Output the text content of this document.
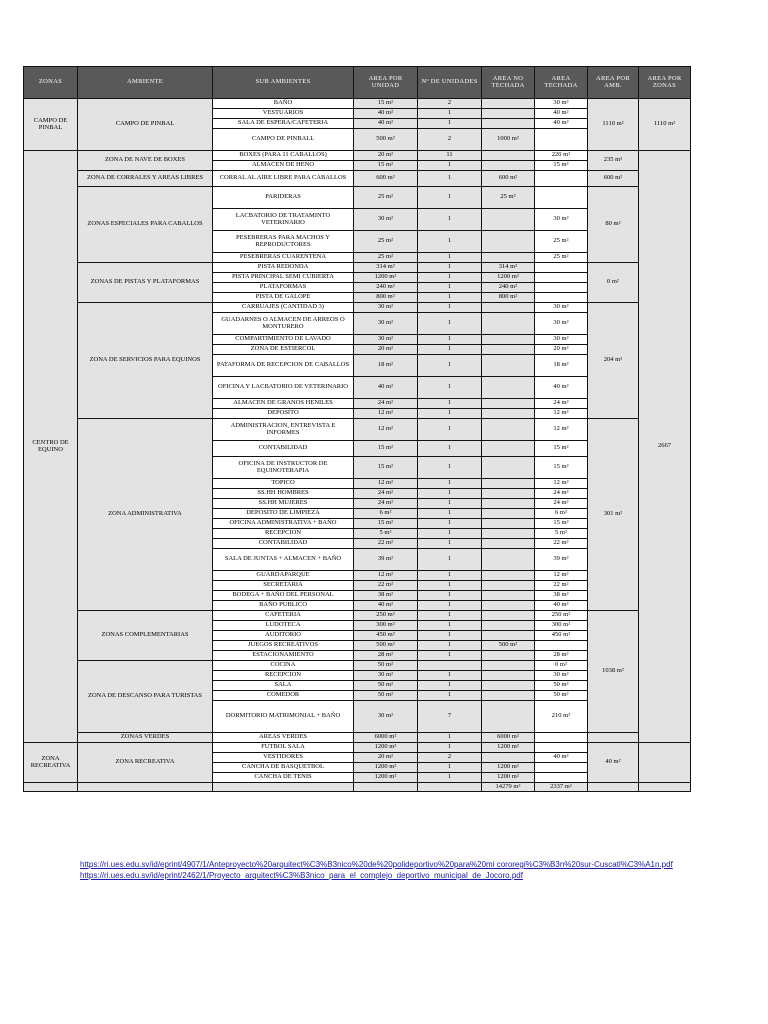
ZONAS	AMBIENTE	SUB AMBIENTES	AREA POR UNIDAD	Nº DE UNIDADES	AREA NO TECHADA	AREA TECHADA	AREA POR AMB.	AREA POR ZONAS
CAMPO DE PINBAL	CAMPO DE PINBAL	BAÑO	15 m²	2		30 m²	1110 m²	1110 m²
		VESTUARIOS	40 m²	1		40 m²		
		SALA DE ESPERA/CAFETERIA	40 m²	1		40 m²		
		CAMPO DE PINBALL	500 m²	2	1000 m²			
CENTRO DE EQUINO	ZONA DE NAVE DE BOXES	BOXES (PARA 11 CABALLOS)	20 m²	11		220 m²	235 m²	2667
		ALMACEN DE HENO	15 m²	1		15 m²		
	ZONA DE CORRALES Y AREAS LIBRES	CORRAL AL AIRE LIBRE PARA CABALLOS	600 m²	1	600 m²		600 m²	
	ZONAS ESPECIALES PARA CABALLOS	PARIDERAS	25 m²	1	25 m²		80 m²	
		LACBATORIO DE TRATAMINTO VETERINARIO	30 m²	1		30 m²		
		PESEBRERAS PARA MACHOS Y REPRODUCTORES	25 m²	1		25 m²		
		PESEBRERAS CUARENTENA	25 m²	1		25 m²		
	ZONAS DE PISTAS Y PLATAFORMAS	PISTA REDONDA	314 m²	1	314 m²		0 m²	
		PISTA PRINCIPAL SEMI CUBIERTA	1200 m²	1	1200 m²			
		PLATAFORMAS	240 m²	1	240 m²			
		PISTA DE GALOPE	800 m²	1	800 m²			
	ZONA DE SERVICIOS PARA EQUINOS	CARRUAJES (CANTIDAD 3)	30 m²	1		30 m²	204 m²	
		GUADARNES O ALMACEN DE ARREOS O MONTURERO	30 m²	1		30 m²		
		COMPARTIMIENTO DE LAVADO	30 m²	1		30 m²		
		ZONA DE ESTIERCOL	20 m²	1		20 m²		
		PATAFORMA DE RECEPCION DE CABALLOS	18 m²	1		18 m²		
		OFICINA Y LACBATORIO DE VETERINARIO	40 m²	1		40 m²		
		ALMACEN DE GRANOS HENILES	24 m²	1		24 m²		
		DEPOSITO	12 m²	1		12 m²		
	ZONA ADMINISTRATIVA	ADMINISTRACION, ENTREVISTA E INFORMES	12 m²	1		12 m²	301 m²	
		CONTABILIDAD	15 m²	1		15 m²		
		OFICINA DE INSTRUCTOR DE EQUINOTERAPIA	15 m²	1		15 m²		
		TOPICO	12 m²	1		12 m²		
		SS.HH HOMBRES	24 m²	1		24 m²		
		SS.HH MUJERES	24 m²	1		24 m²		
		DEPOSITO DE LIMPIEZA	6 m²	1		6 m²		
		OFICINA ADMINISTRATIVA + BAÑO	15 m²	1		15 m²		
		RECEPCION	5 m²	1		5 m²		
		CONTABILIDAD	22 m²	1		22 m²		
		SALA DE JUNTAS + ALMACEN + BAÑO	39 m²	1		39 m²		
		GUARDAPARQUE	12 m²	1		12 m²		
		SECRETARIA	22 m²	1		22 m²		
		BODEGA + BAÑO DEL PERSONAL	38 m²	1		38 m²		
		BAÑO PUBLICO	40 m²	1		40 m²		
	ZONAS COMPLEMENTARIAS	CAFETERIA	250 m²	1		250 m²	1038 m²	
		LUDOTECA	300 m²	1		300 m²		
		AUDITORIO	450 m²	1		450 m²		
		JUEGOS RECREATIVOS	500 m²	1	500 m²			
		ESTACIONAMIENTO	28 m²	1		28 m²		
	ZONA DE DESCANSO PARA TURISTAS	COCINA	50 m²			0 m²		
		RECEPCION	30 m²	1		30 m²		
		SALA	50 m²	1		50 m²		
		COMEDOR	50 m²	1		50 m²		
		DORMITORIO MATRIMONIAL + BAÑO	30 m²	7		210 m²		
	ZONAS VERDES	AREAS VERDES	6000 m²	1	6000 m²			
ZONA RECREATIVA	ZONA RECREATIVA	FUTBOL SALA	1200 m²	1	1200 m²		40 m²	
		VESTIDORES	20 m²	2		40 m²		
		CANCHA DE BASQUETBOL	1200 m²	1	1200 m²			
		CANCHA DE TENIS	1200 m²	1	1200 m²			
					14279 m²	2337 m²		
https://ri.ues.edu.sv/id/eprint/4907/1/Anteproyecto%20arquitect%C3%B3nico%20de%20polideportivo%20para%20mi cororegi%C3%B3n%20sur-Cuscatl%C3%A1n.pdf
https://ri.ues.edu.sv/id/eprint/2462/1/Proyecto_arquitect%C3%B3nico_para_el_complejo_deportivo_municipal_de_Jocoro.pdf
